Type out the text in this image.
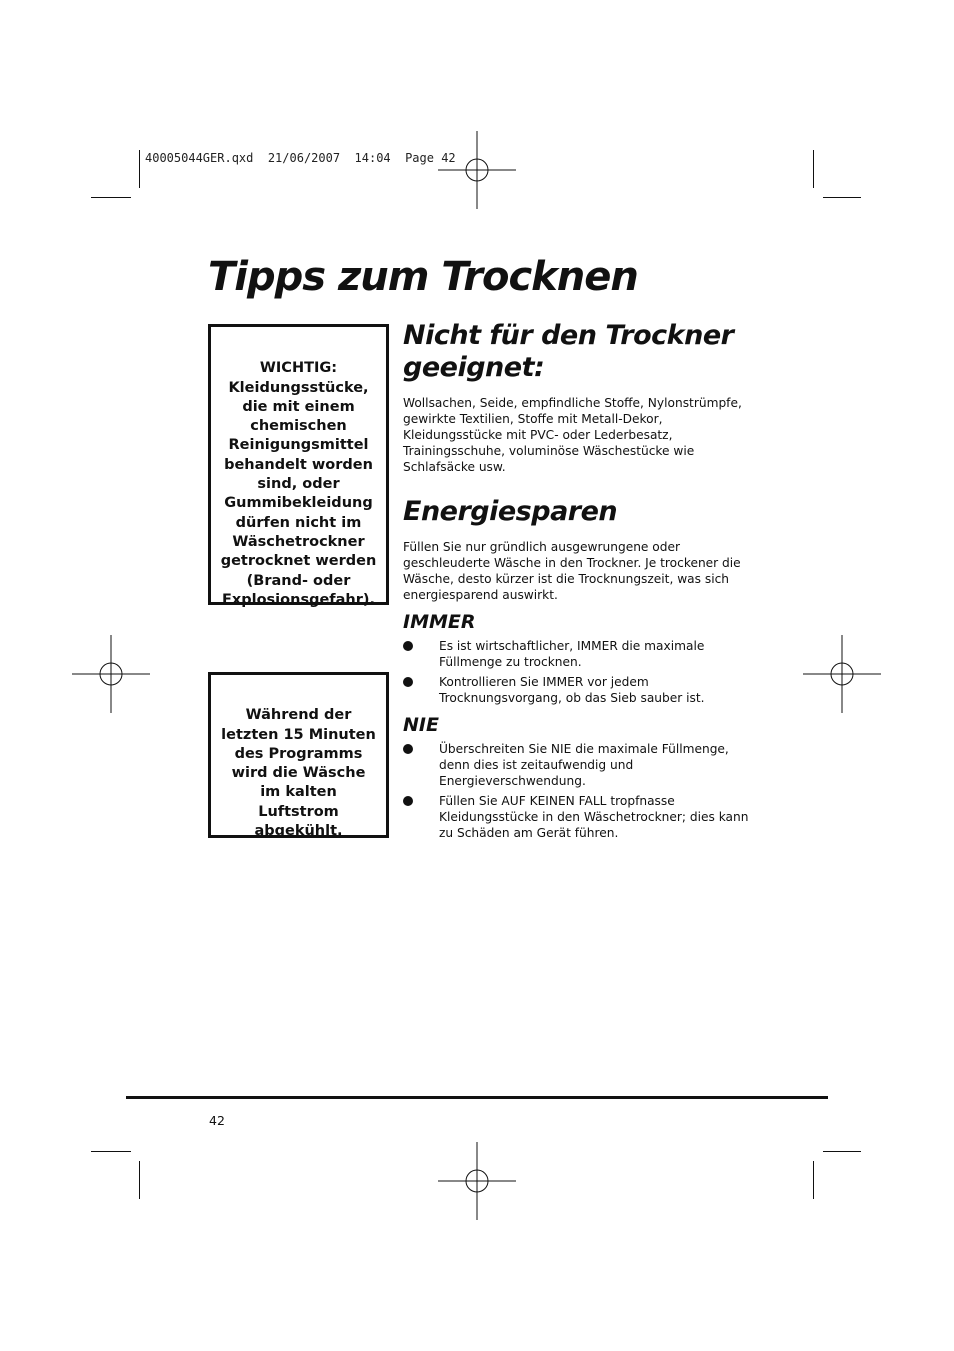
40005044GER.qxd  21/06/2007  14:04  Page 42
Tipps zum Trocknen

WICHTIG:
Kleidungsstücke,
die mit einem
chemischen
Reinigungsmittel
behandelt worden
sind, oder
Gummibekleidung
dürfen nicht im
Wäschetrockner
getrocknet werden
(Brand- oder
Explosionsgefahr).

Während der
letzten 15 Minuten
des Programms
wird die Wäsche
im kalten
Luftstrom
abgekühlt.

Nicht für den Trockner
geeignet:

Wollsachen, Seide, empfindliche Stoffe, Nylonstrümpfe,
gewirkte Textilien, Stoffe mit Metall-Dekor,
Kleidungsstücke mit PVC- oder Lederbesatz,
Trainingsschuhe, voluminöse Wäschestücke wie
Schlafsäcke usw.

Energiesparen

Füllen Sie nur gründlich ausgewrungene oder
geschleuderte Wäsche in den Trockner. Je trockener die
Wäsche, desto kürzer ist die Trocknungszeit, was sich
energiesparend auswirkt.

IMMER

Es ist wirtschaftlicher, IMMER die maximale
Füllmenge zu trocknen.

Kontrollieren Sie IMMER vor jedem
Trocknungsvorgang, ob das Sieb sauber ist.

NIE

Überschreiten Sie NIE die maximale Füllmenge,
denn dies ist zeitaufwendig und
Energieverschwendung.

Füllen Sie AUF KEINEN FALL tropfnasse
Kleidungsstücke in den Wäschetrockner; dies kann
zu Schäden am Gerät führen.

42
